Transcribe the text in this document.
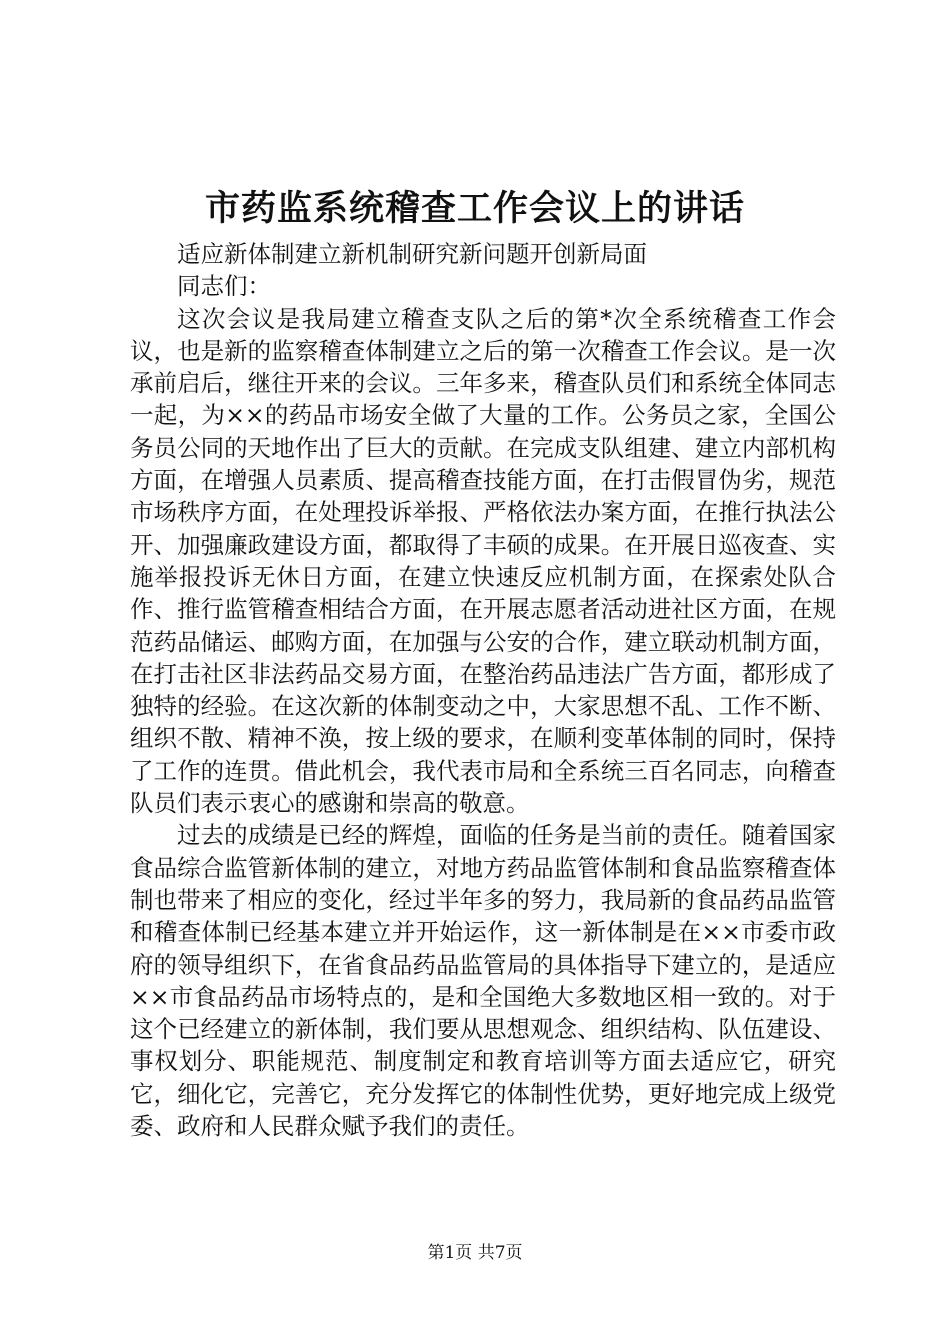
市药监系统稽查工作会议上的讲话

适应新体制建立新机制研究新问题开创新局面

同志们：

这次会议是我局建立稽查支队之后的第*次全系统稽查工作会议，也是新的监察稽查体制建立之后的第一次稽查工作会议。是一次承前启后，继往开来的会议。三年多来，稽查队员们和系统全体同志一起，为××的药品市场安全做了大量的工作。公务员之家，全国公务员公同的天地作出了巨大的贡献。在完成支队组建、建立内部机构方面，在增强人员素质、提高稽查技能方面，在打击假冒伪劣，规范市场秩序方面，在处理投诉举报、严格依法办案方面，在推行执法公开、加强廉政建设方面，都取得了丰硕的成果。在开展日巡夜查、实施举报投诉无休日方面，在建立快速反应机制方面，在探索处队合作、推行监管稽查相结合方面，在开展志愿者活动进社区方面，在规范药品储运、邮购方面，在加强与公安的合作，建立联动机制方面，在打击社区非法药品交易方面，在整治药品违法广告方面，都形成了独特的经验。在这次新的体制变动之中，大家思想不乱、工作不断、组织不散、精神不涣，按上级的要求，在顺利变革体制的同时，保持了工作的连贯。借此机会，我代表市局和全系统三百名同志，向稽查队员们表示衷心的感谢和崇高的敬意。

过去的成绩是已经的辉煌，面临的任务是当前的责任。随着国家食品综合监管新体制的建立，对地方药品监管体制和食品监察稽查体制也带来了相应的变化，经过半年多的努力，我局新的食品药品监管和稽查体制已经基本建立并开始运作，这一新体制是在××市委市政府的领导组织下，在省食品药品监管局的具体指导下建立的，是适应××市食品药品市场特点的，是和全国绝大多数地区相一致的。对于这个已经建立的新体制，我们要从思想观念、组织结构、队伍建设、事权划分、职能规范、制度制定和教育培训等方面去适应它，研究它，细化它，完善它，充分发挥它的体制性优势，更好地完成上级党委、政府和人民群众赋予我们的责任。

第1页 共7页
